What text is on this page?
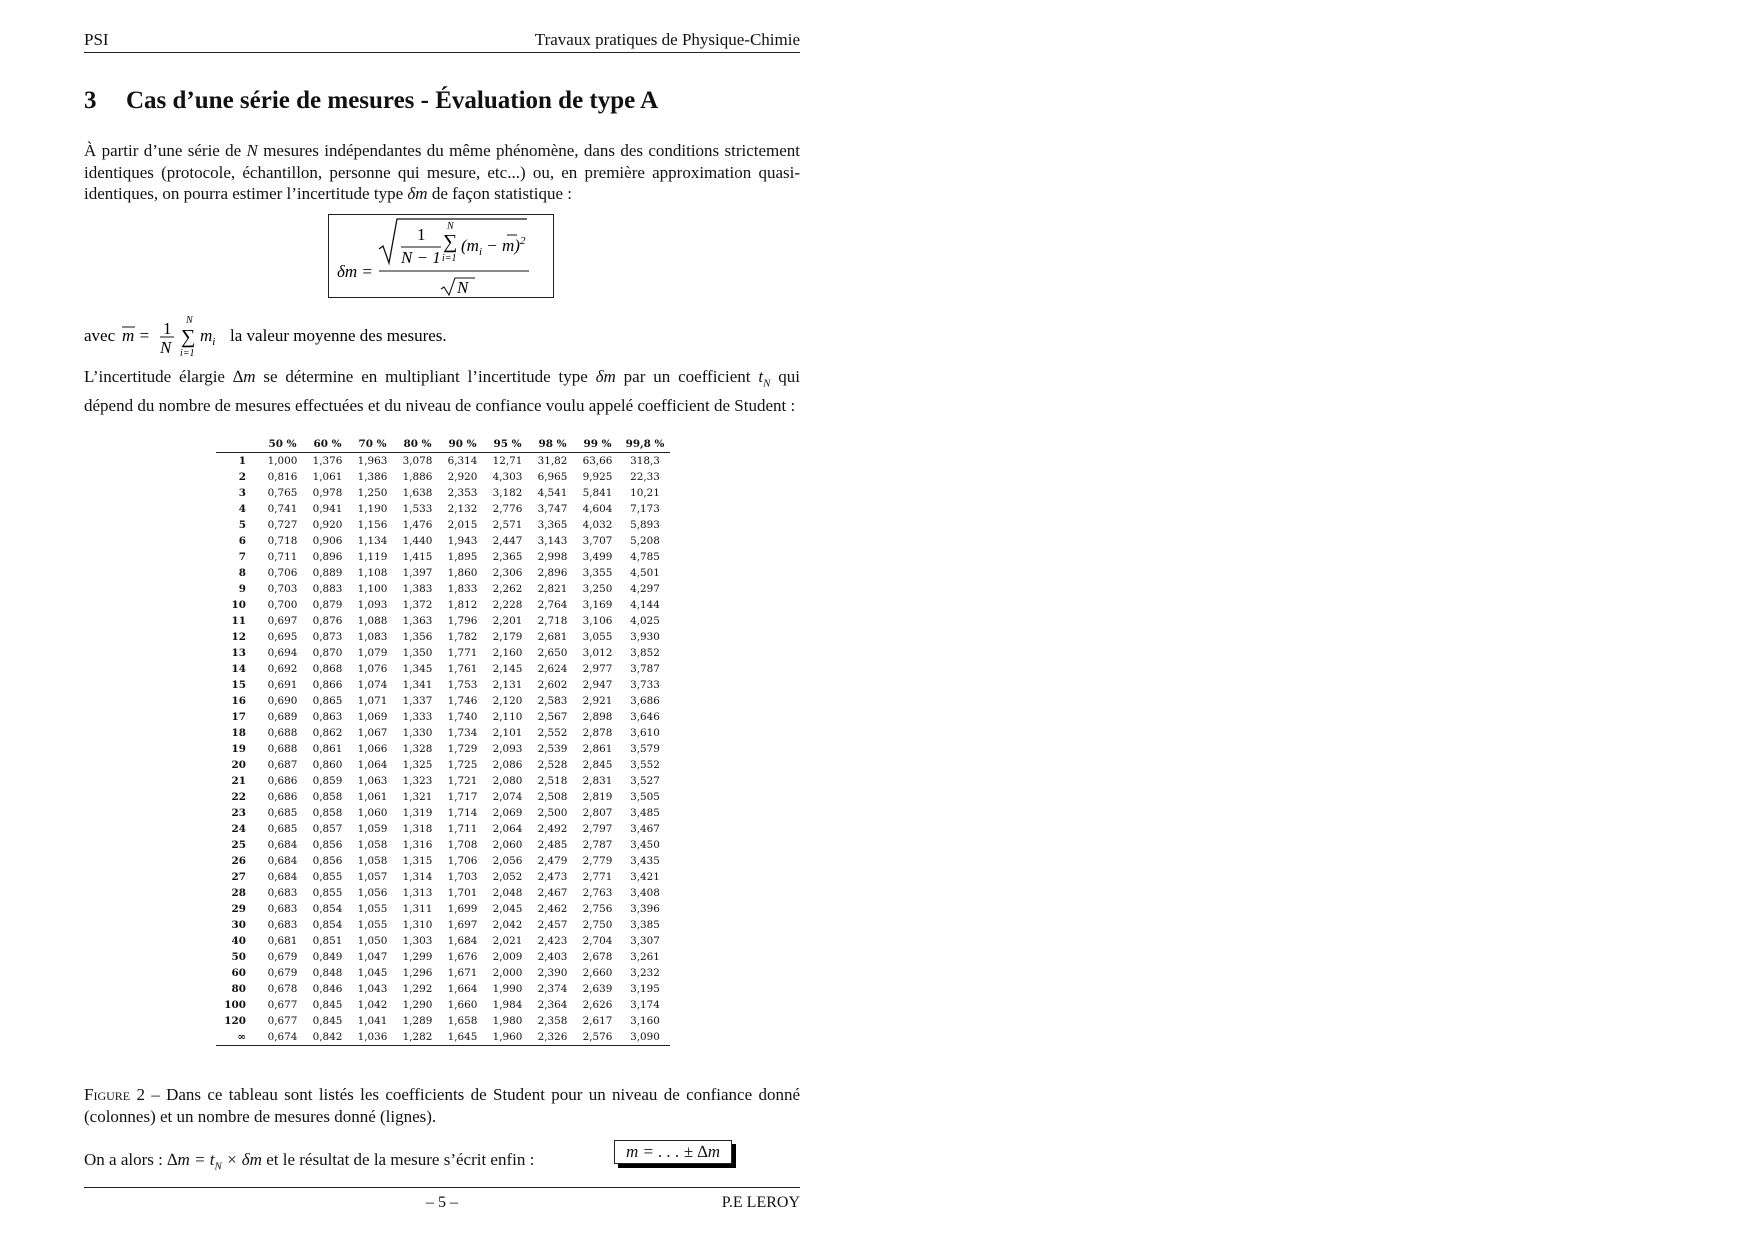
PSI	Travaux pratiques de Physique-Chimie
3 Cas d’une série de mesures - Évaluation de type A

À partir d’une série de N mesures indépendantes du même phénomène, dans des conditions strictement identiques (protocole, échantillon, personne qui mesure, etc...) ou, en première approximation quasi-identiques, on pourra estimer l’incertitude type δm de façon statistique :

δm =
1
N − 1
N
∑
i=1
$(m_i - m)^2$
N
avec m = 1
N
N
∑
i=1
$m_i$ la valeur moyenne des mesures.

L’incertitude élargie ∆m se détermine en multipliant l’incertitude type δm par un coefficient $t_N$ qui dépend du nombre de mesures effectuées et du niveau de confiance voulu appelé coefficient de Student :

	50 %	60 %	70 %	80 %	90 %	95 %	98 %	99 %	99,8 %
1	1,000	1,376	1,963	3,078	6,314	12,71	31,82	63,66	318,3
2	0,816	1,061	1,386	1,886	2,920	4,303	6,965	9,925	22,33
3	0,765	0,978	1,250	1,638	2,353	3,182	4,541	5,841	10,21
4	0,741	0,941	1,190	1,533	2,132	2,776	3,747	4,604	7,173
5	0,727	0,920	1,156	1,476	2,015	2,571	3,365	4,032	5,893
6	0,718	0,906	1,134	1,440	1,943	2,447	3,143	3,707	5,208
7	0,711	0,896	1,119	1,415	1,895	2,365	2,998	3,499	4,785
8	0,706	0,889	1,108	1,397	1,860	2,306	2,896	3,355	4,501
9	0,703	0,883	1,100	1,383	1,833	2,262	2,821	3,250	4,297
10	0,700	0,879	1,093	1,372	1,812	2,228	2,764	3,169	4,144
11	0,697	0,876	1,088	1,363	1,796	2,201	2,718	3,106	4,025
12	0,695	0,873	1,083	1,356	1,782	2,179	2,681	3,055	3,930
13	0,694	0,870	1,079	1,350	1,771	2,160	2,650	3,012	3,852
14	0,692	0,868	1,076	1,345	1,761	2,145	2,624	2,977	3,787
15	0,691	0,866	1,074	1,341	1,753	2,131	2,602	2,947	3,733
16	0,690	0,865	1,071	1,337	1,746	2,120	2,583	2,921	3,686
17	0,689	0,863	1,069	1,333	1,740	2,110	2,567	2,898	3,646
18	0,688	0,862	1,067	1,330	1,734	2,101	2,552	2,878	3,610
19	0,688	0,861	1,066	1,328	1,729	2,093	2,539	2,861	3,579
20	0,687	0,860	1,064	1,325	1,725	2,086	2,528	2,845	3,552
21	0,686	0,859	1,063	1,323	1,721	2,080	2,518	2,831	3,527
22	0,686	0,858	1,061	1,321	1,717	2,074	2,508	2,819	3,505
23	0,685	0,858	1,060	1,319	1,714	2,069	2,500	2,807	3,485
24	0,685	0,857	1,059	1,318	1,711	2,064	2,492	2,797	3,467
25	0,684	0,856	1,058	1,316	1,708	2,060	2,485	2,787	3,450
26	0,684	0,856	1,058	1,315	1,706	2,056	2,479	2,779	3,435
27	0,684	0,855	1,057	1,314	1,703	2,052	2,473	2,771	3,421
28	0,683	0,855	1,056	1,313	1,701	2,048	2,467	2,763	3,408
29	0,683	0,854	1,055	1,311	1,699	2,045	2,462	2,756	3,396
30	0,683	0,854	1,055	1,310	1,697	2,042	2,457	2,750	3,385
40	0,681	0,851	1,050	1,303	1,684	2,021	2,423	2,704	3,307
50	0,679	0,849	1,047	1,299	1,676	2,009	2,403	2,678	3,261
60	0,679	0,848	1,045	1,296	1,671	2,000	2,390	2,660	3,232
80	0,678	0,846	1,043	1,292	1,664	1,990	2,374	2,639	3,195
100	0,677	0,845	1,042	1,290	1,660	1,984	2,364	2,626	3,174
120	0,677	0,845	1,041	1,289	1,658	1,980	2,358	2,617	3,160
∞	0,674	0,842	1,036	1,282	1,645	1,960	2,326	2,576	3,090

Figure 2 – Dans ce tableau sont listés les coefficients de Student pour un niveau de confiance donné (colonnes) et un nombre de mesures donné (lignes).

On a alors : $\Delta m = t_N \times \delta m$ et le résultat de la mesure s’écrit enfin :	m = . . . ± ∆m
– 5 –	P.E LEROY
